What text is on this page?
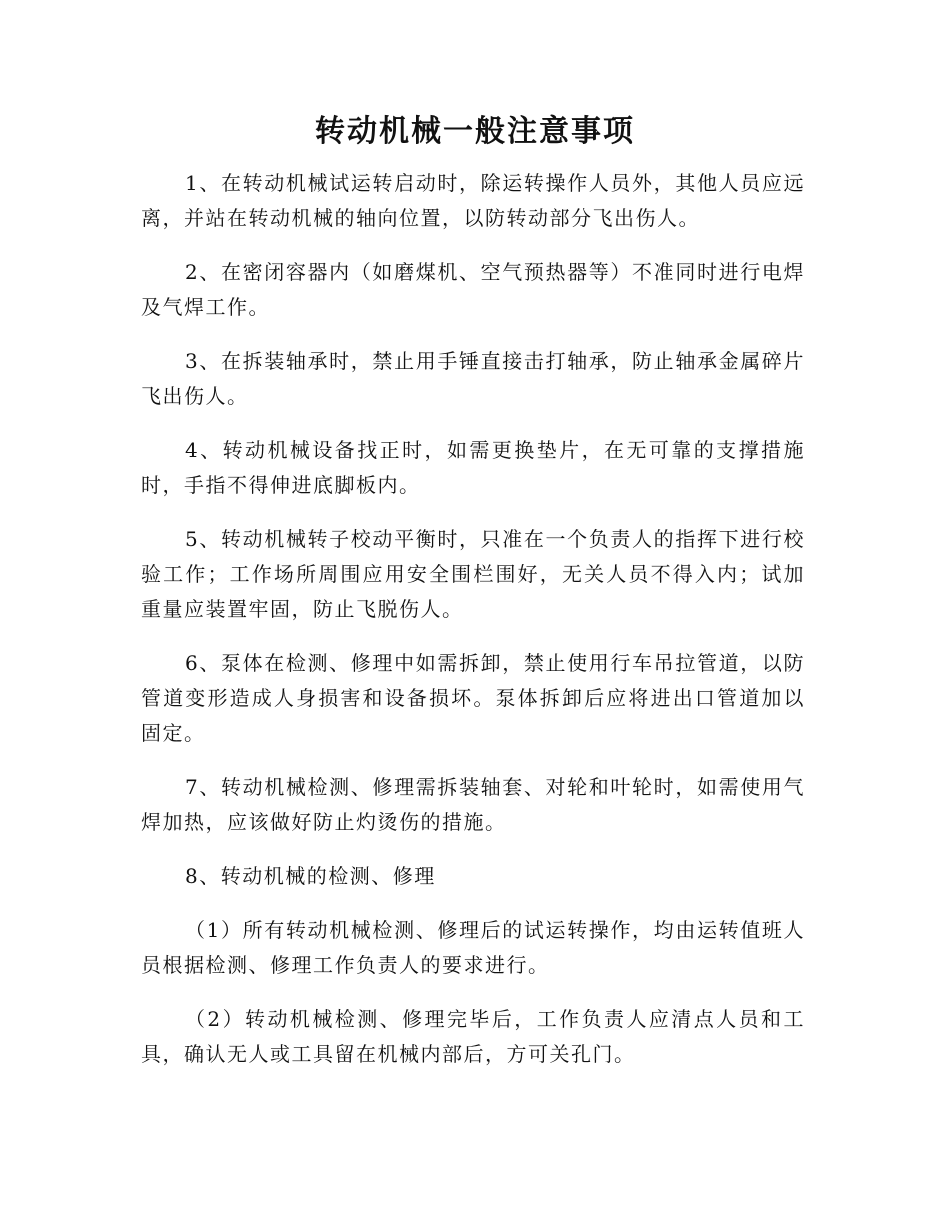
转动机械一般注意事项

1、在转动机械试运转启动时，除运转操作人员外，其他人员应远离，并站在转动机械的轴向位置，以防转动部分飞出伤人。

2、在密闭容器内（如磨煤机、空气预热器等）不准同时进行电焊及气焊工作。

3、在拆装轴承时，禁止用手锤直接击打轴承，防止轴承金属碎片飞出伤人。

4、转动机械设备找正时，如需更换垫片，在无可靠的支撑措施时，手指不得伸进底脚板内。

5、转动机械转子校动平衡时，只准在一个负责人的指挥下进行校验工作；工作场所周围应用安全围栏围好，无关人员不得入内；试加重量应装置牢固，防止飞脱伤人。

6、泵体在检测、修理中如需拆卸，禁止使用行车吊拉管道，以防管道变形造成人身损害和设备损坏。泵体拆卸后应将进出口管道加以固定。

7、转动机械检测、修理需拆装轴套、对轮和叶轮时，如需使用气焊加热，应该做好防止灼烫伤的措施。

8、转动机械的检测、修理

（1）所有转动机械检测、修理后的试运转操作，均由运转值班人员根据检测、修理工作负责人的要求进行。

（2）转动机械检测、修理完毕后，工作负责人应清点人员和工具，确认无人或工具留在机械内部后，方可关孔门。
